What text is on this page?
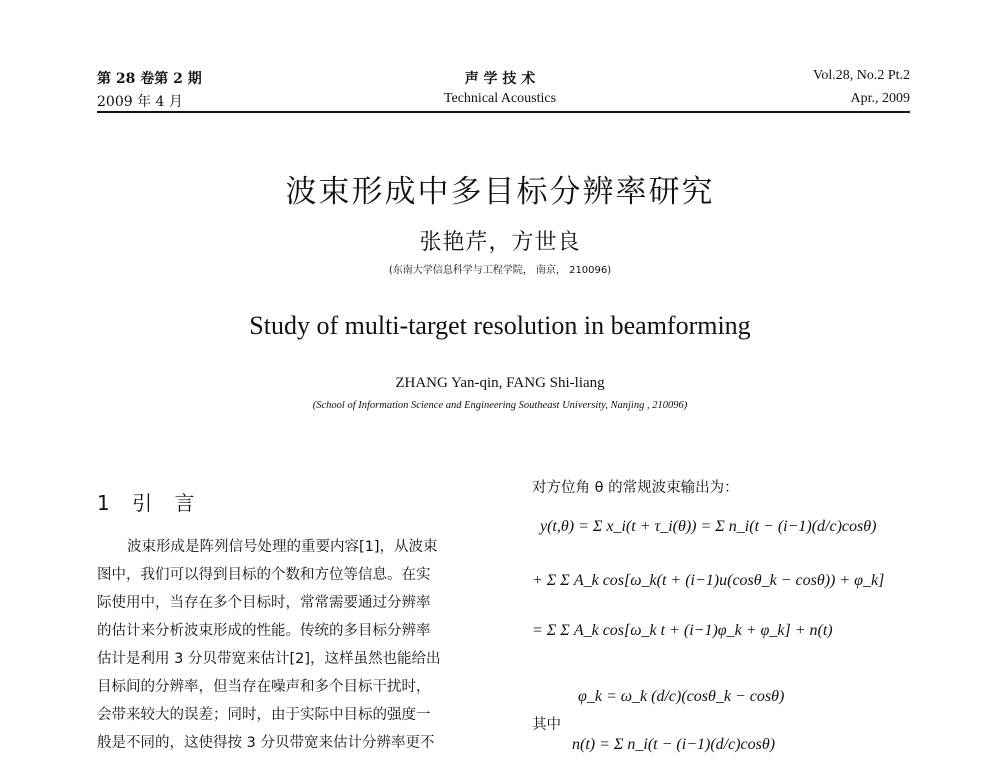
第 28 卷第 2 期
2009 年 4 月
声 学 技 术
Technical Acoustics
Vol.28, No.2 Pt.2
Apr., 2009
波束形成中多目标分辨率研究
张艳芹，方世良
(东南大学信息科学与工程学院， 南京， 210096)
Study of multi-target resolution in beamforming
ZHANG Yan-qin, FANG Shi-liang
(School of Information Science and Engineering Southeast University, Nanjing , 210096)
1 引 言
波束形成是阵列信号处理的重要内容[1]，从波束
图中，我们可以得到目标的个数和方位等信息。在实
际使用中，当存在多个目标时，常常需要通过分辨率
的估计来分析波束形成的性能。传统的多目标分辨率
估计是利用 3 分贝带宽来估计[2]，这样虽然也能给出
目标间的分辨率，但当存在噪声和多个目标干扰时，
会带来较大的误差；同时，由于实际中目标的强度一
般是不同的，这使得按 3 分贝带宽来估计分辨率更不
对方位角 θ 的常规波束输出为：
y(t,θ) = Σ x_i(t + τ_i(θ)) = Σ n_i(t − (i−1)(d/c)cosθ)
+ Σ Σ A_k cos[ω_k(t + (i−1)u(cosθ_k − cosθ)) + φ_k]
= Σ Σ A_k cos[ω_k t + (i−1)φ_k + φ_k] + n(t)
其中
φ_k = ω_k (d/c)(cosθ_k − cosθ)
n(t) = Σ n_i(t − (i−1)(d/c)cosθ)
